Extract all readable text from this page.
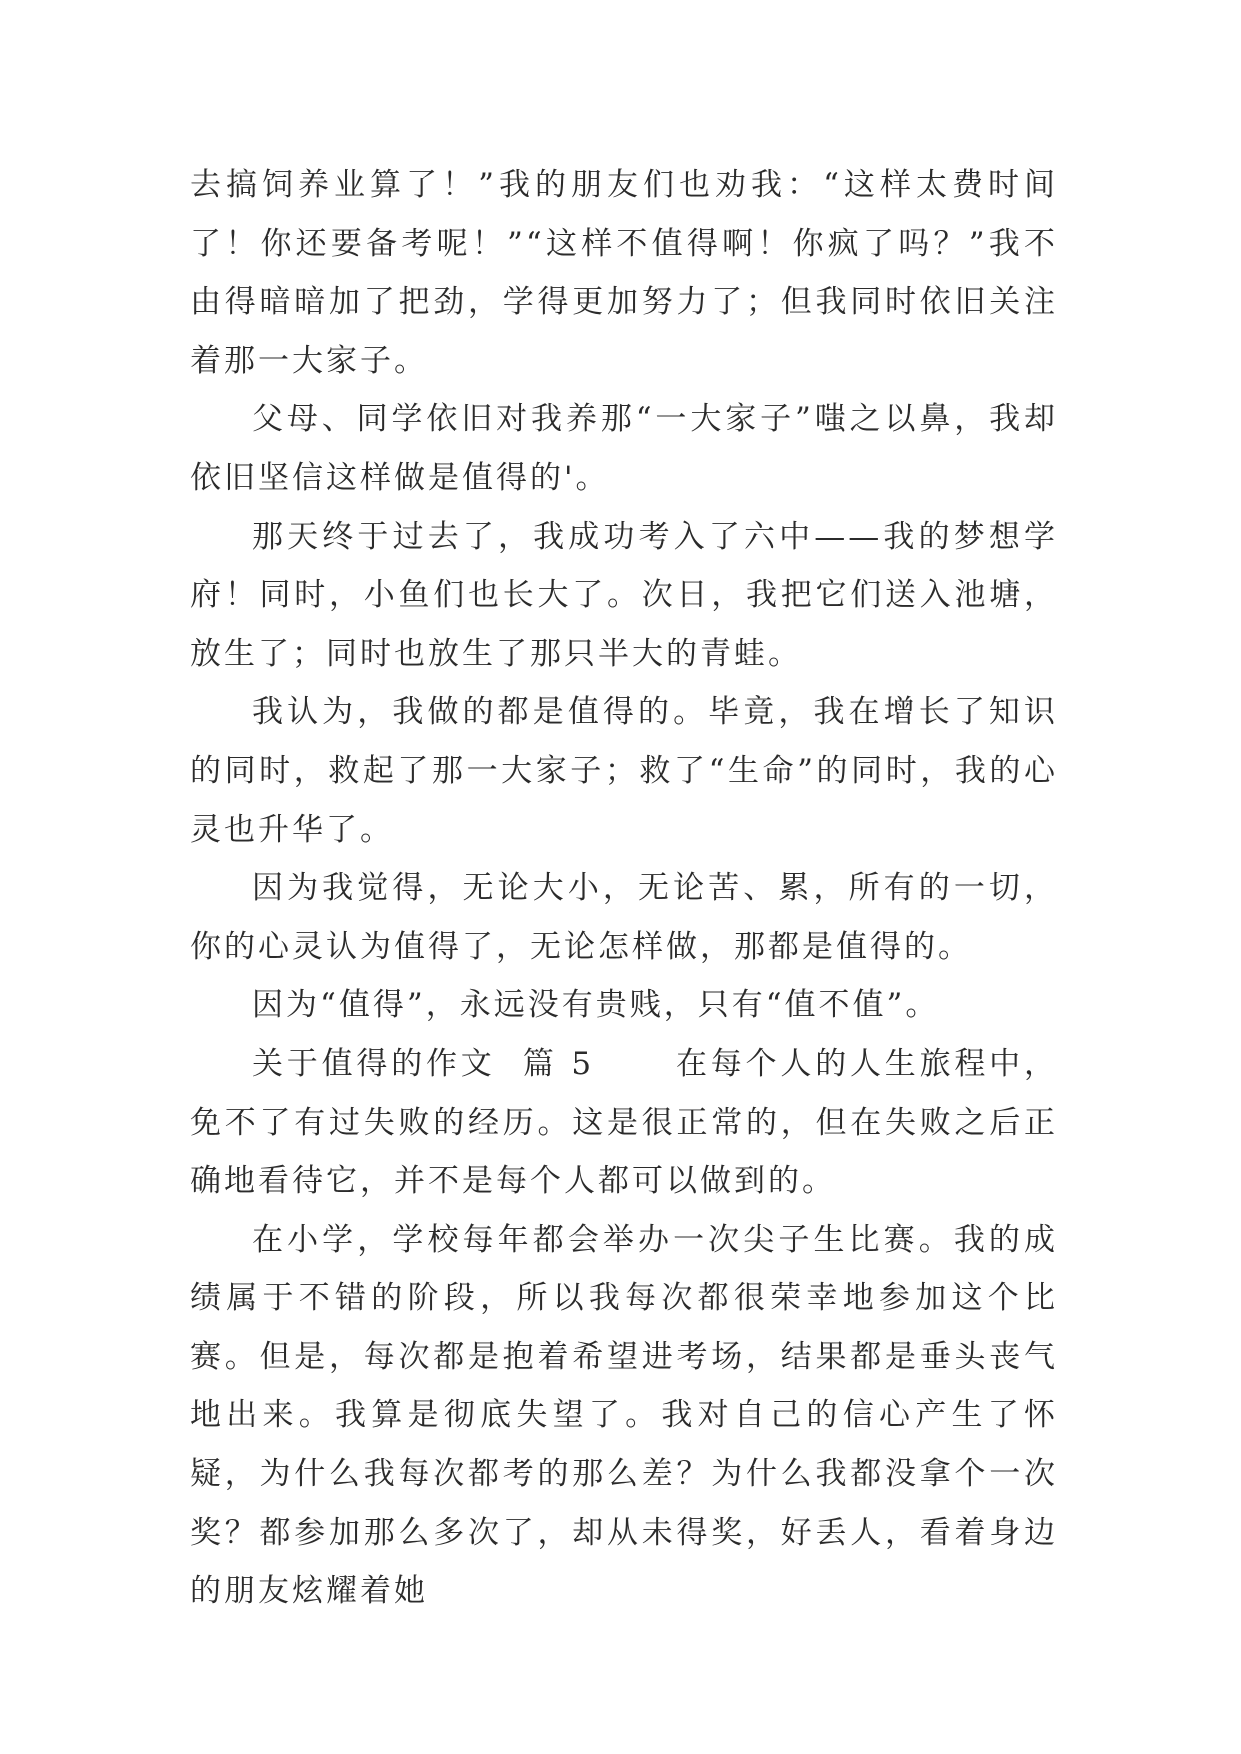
去搞饲养业算了！”我的朋友们也劝我：“这样太费时间了！你还要备考呢！”“这样不值得啊！你疯了吗？”我不由得暗暗加了把劲，学得更加努力了；但我同时依旧关注着那一大家子。

父母、同学依旧对我养那“一大家子”嗤之以鼻，我却依旧坚信这样做是值得的'。

那天终于过去了，我成功考入了六中——我的梦想学府！同时，小鱼们也长大了。次日，我把它们送入池塘，放生了；同时也放生了那只半大的青蛙。

我认为，我做的都是值得的。毕竟，我在增长了知识的同时，救起了那一大家子；救了“生命”的同时，我的心灵也升华了。

因为我觉得，无论大小，无论苦、累，所有的一切，你的心灵认为值得了，无论怎样做，那都是值得的。

因为“值得”，永远没有贵贱，只有“值不值”。

关于值得的作文  篇 5      在每个人的人生旅程中，免不了有过失败的经历。这是很正常的，但在失败之后正确地看待它，并不是每个人都可以做到的。

在小学，学校每年都会举办一次尖子生比赛。我的成绩属于不错的阶段，所以我每次都很荣幸地参加这个比赛。但是，每次都是抱着希望进考场，结果都是垂头丧气地出来。我算是彻底失望了。我对自己的信心产生了怀疑，为什么我每次都考的那么差？为什么我都没拿个一次奖？都参加那么多次了，却从未得奖，好丢人，看着身边的朋友炫耀着她
